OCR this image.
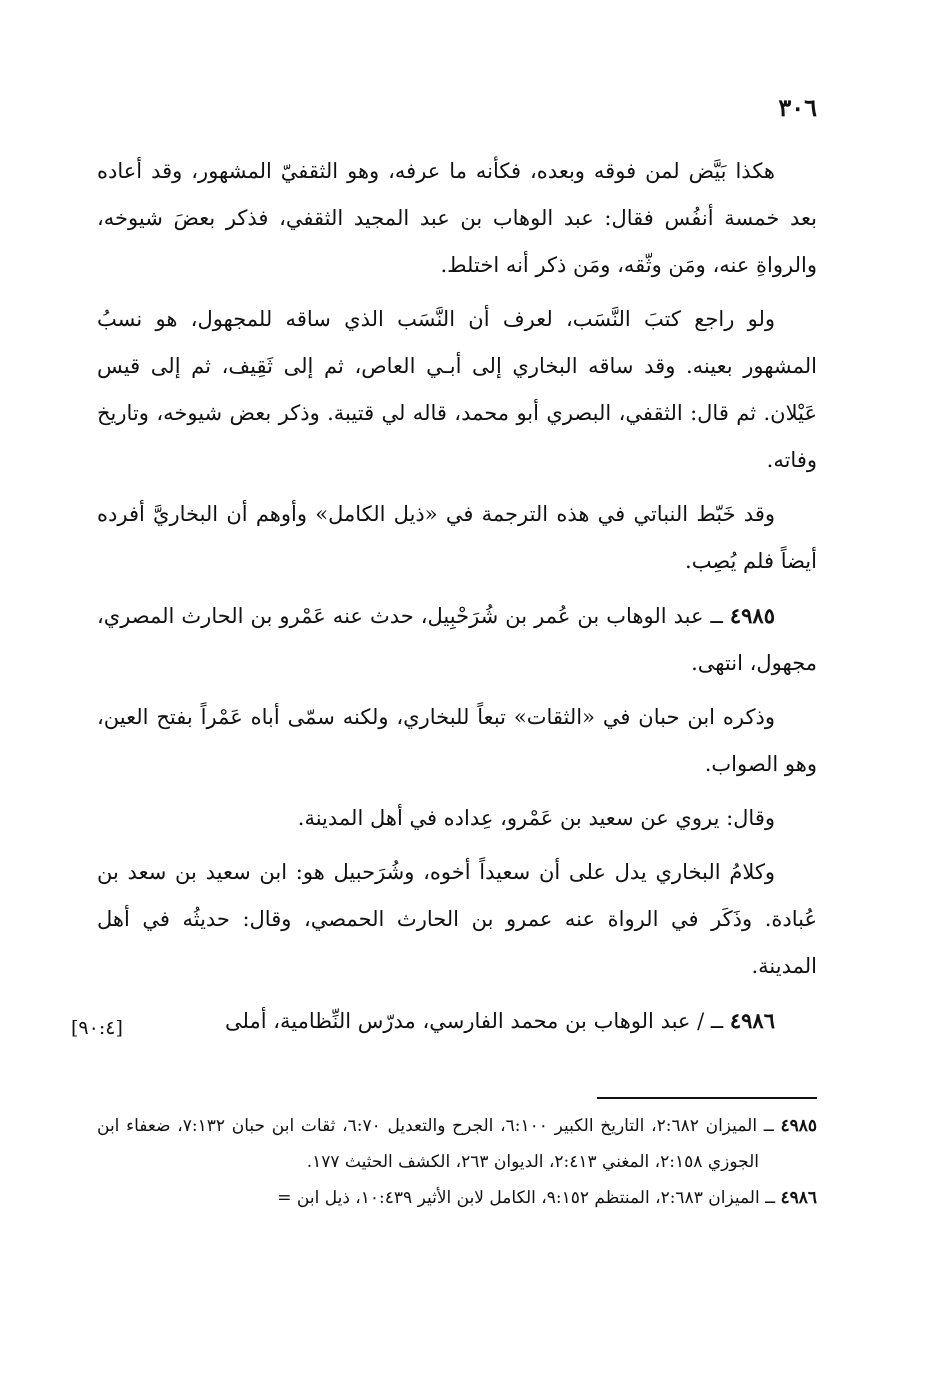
٣٠٦

هكذا بَيَّض لمن فوقه وبعده، فكأنه ما عرفه، وهو الثقفيّ المشهور، وقد أعاده بعد خمسة أنفُس فقال: عبد الوهاب بن عبد المجيد الثقفي، فذكر بعضَ شيوخه، والرواةِ عنه، ومَن وثّقه، ومَن ذكر أنه اختلط.

ولو راجع كتبَ النَّسَب، لعرف أن النَّسَب الذي ساقه للمجهول، هو نسبُ المشهور بعينه. وقد ساقه البخاري إلى أبـي العاص، ثم إلى ثَقِيف، ثم إلى قيس عَيْلان. ثم قال: الثقفي، البصري أبو محمد، قاله لي قتيبة. وذكر بعض شيوخه، وتاريخ وفاته.

وقد خَبّط النباتي في هذه الترجمة في «ذيل الكامل» وأوهم أن البخاريَّ أفرده أيضاً فلم يُصِب.

٤٩٨٥ ــ عبد الوهاب بن عُمر بن شُرَحْبِيل، حدث عنه عَمْرو بن الحارث المصري، مجهول، انتهى.

وذكره ابن حبان في «الثقات» تبعاً للبخاري، ولكنه سمّى أباه عَمْراً بفتح العين، وهو الصواب.

وقال: يروي عن سعيد بن عَمْرو، عِداده في أهل المدينة.

وكلامُ البخاري يدل على أن سعيداً أخوه، وشُرَحبيل هو: ابن سعيد بن سعد بن عُبادة. وذَكَر في الرواة عنه عمرو بن الحارث الحمصي، وقال: حديثُه في أهل المدينة.

٤٩٨٦ ــ / عبد الوهاب بن محمد الفارسي، مدرّس النِّظامية، أملى

[٩٠:٤]

٤٩٨٥ ــ الميزان ٢:٦٨٢، التاريخ الكبير ٦:١٠٠، الجرح والتعديل ٦:٧٠، ثقات ابن حبان ٧:١٣٢، ضعفاء ابن الجوزي ٢:١٥٨، المغني ٢:٤١٣، الديوان ٢٦٣، الكشف الحثيث ١٧٧.

٤٩٨٦ ــ الميزان ٢:٦٨٣، المنتظم ٩:١٥٢، الكامل لابن الأثير ١٠:٤٣٩، ذيل ابن =
